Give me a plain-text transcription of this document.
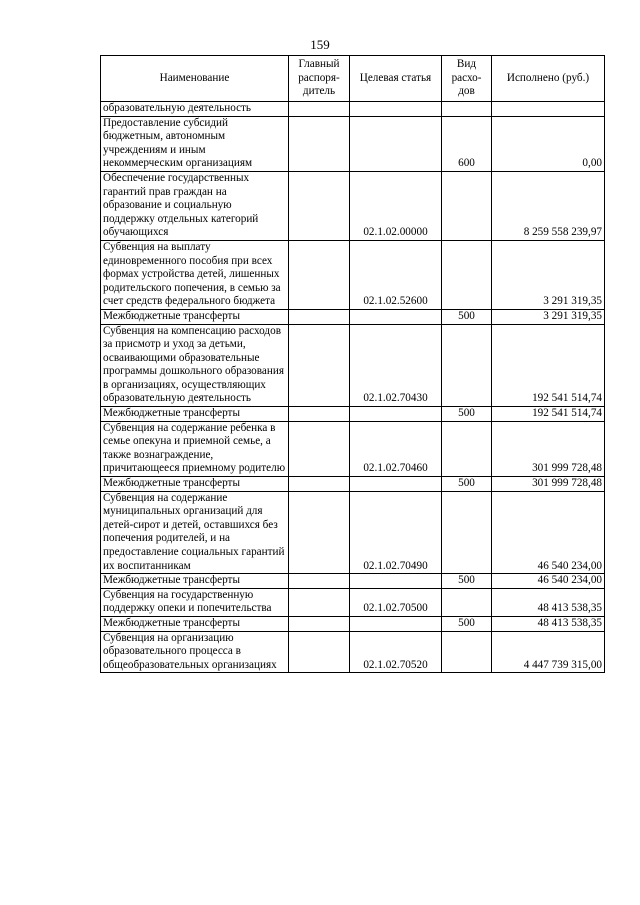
159
Наименование	Главный распоря-дитель	Целевая статья	Вид расхо-дов	Исполнено (руб.)
образовательную деятельность				
Предоставление субсидий бюджетным, автономным учреждениям и иным некоммерческим организациям			600	0,00
Обеспечение государственных гарантий прав граждан на образование и социальную поддержку отдельных категорий обучающихся		02.1.02.00000		8 259 558 239,97
Субвенция на выплату единовременного пособия при всех формах устройства детей, лишенных родительского попечения, в семью за счет средств федерального бюджета		02.1.02.52600		3 291 319,35
Межбюджетные трансферты			500	3 291 319,35
Субвенция на компенсацию расходов за присмотр и уход за детьми, осваивающими образовательные программы дошкольного образования в организациях, осуществляющих образовательную деятельность		02.1.02.70430		192 541 514,74
Межбюджетные трансферты			500	192 541 514,74
Субвенция на содержание ребенка в семье опекуна и приемной семье, а также вознаграждение, причитающееся приемному родителю		02.1.02.70460		301 999 728,48
Межбюджетные трансферты			500	301 999 728,48
Субвенция на содержание муниципальных организаций для детей-сирот и детей, оставшихся без попечения родителей, и на предоставление социальных гарантий их воспитанникам		02.1.02.70490		46 540 234,00
Межбюджетные трансферты			500	46 540 234,00
Субвенция на государственную поддержку опеки и попечительства		02.1.02.70500		48 413 538,35
Межбюджетные трансферты			500	48 413 538,35
Субвенция на организацию образовательного процесса в общеобразовательных организациях		02.1.02.70520		4 447 739 315,00
